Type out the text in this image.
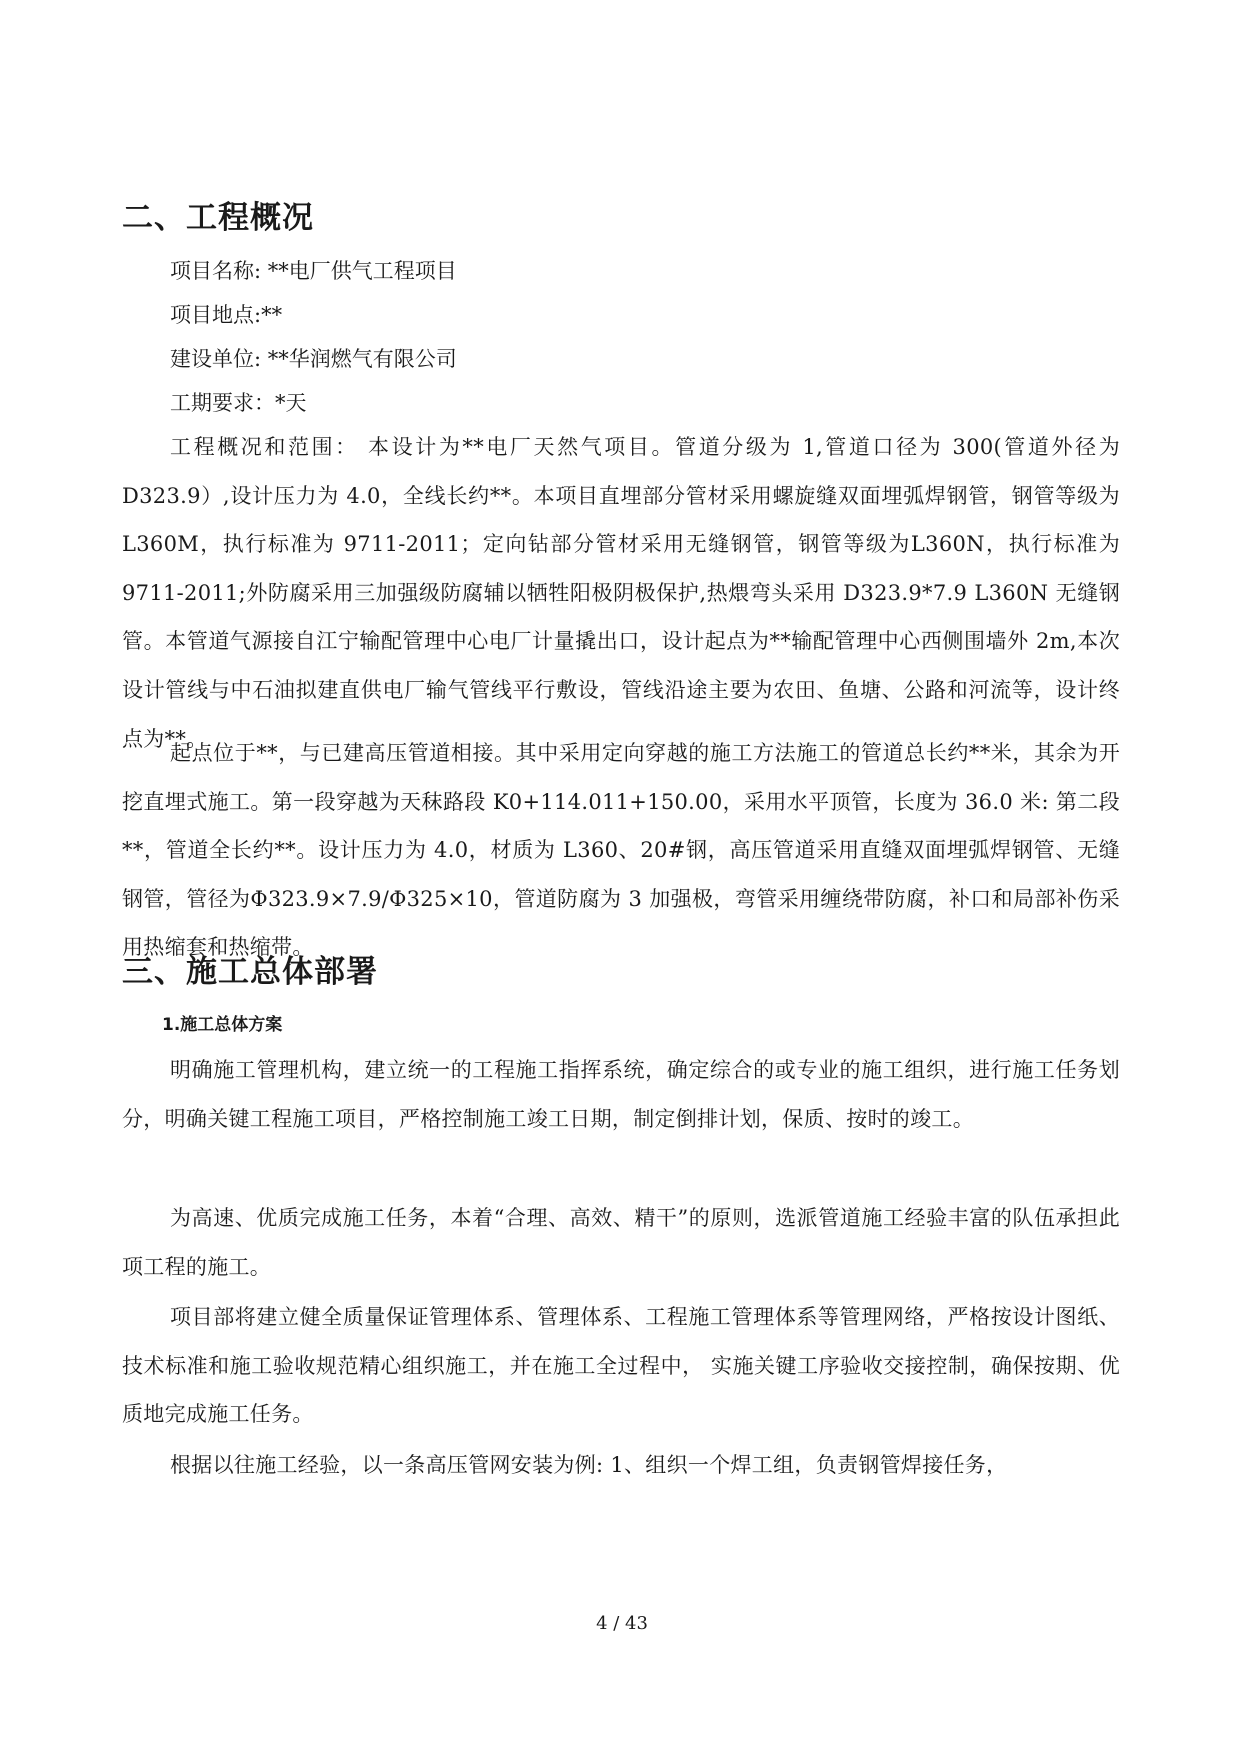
二、工程概况
项目名称: **电厂供气工程项目
项目地点:**
建设单位: **华润燃气有限公司
工期要求：*天

工程概况和范围： 本设计为**电厂天然气项目。管道分级为 1,管道口径为 300(管道外径为 D323.9）,设计压力为 4.0，全线长约**。本项目直埋部分管材采用螺旋缝双面埋弧焊钢管，钢管等级为 L360M，执行标准为 9711-2011；定向钻部分管材采用无缝钢管，钢管等级为L360N，执行标准为 9711-2011;外防腐采用三加强级防腐辅以牺牲阳极阴极保护,热煨弯头采用 D323.9*7.9 L360N 无缝钢管。本管道气源接自江宁输配管理中心电厂计量撬出口，设计起点为**输配管理中心西侧围墙外 2m,本次设计管线与中石油拟建直供电厂输气管线平行敷设，管线沿途主要为农田、鱼塘、公路和河流等，设计终点为**。

起点位于**，与已建高压管道相接。其中采用定向穿越的施工方法施工的管道总长约**米，其余为开挖直埋式施工。第一段穿越为天秣路段 K0+114.011+150.00，采用水平顶管，长度为 36.0 米: 第二段**，管道全长约**。设计压力为 4.0，材质为 L360、20#钢，高压管道采用直缝双面埋弧焊钢管、无缝钢管，管径为Φ323.9×7.9/Φ325×10，管道防腐为 3 加强极，弯管采用缠绕带防腐，补口和局部补伤采用热缩套和热缩带。

三、施工总体部署
1.施工总体方案

明确施工管理机构，建立统一的工程施工指挥系统，确定综合的或专业的施工组织，进行施工任务划分，明确关键工程施工项目，严格控制施工竣工日期，制定倒排计划，保质、按时的竣工。

为高速、优质完成施工任务，本着“合理、高效、精干”的原则，选派管道施工经验丰富的队伍承担此项工程的施工。

项目部将建立健全质量保证管理体系、管理体系、工程施工管理体系等管理网络，严格按设计图纸、技术标准和施工验收规范精心组织施工，并在施工全过程中， 实施关键工序验收交接控制，确保按期、优质地完成施工任务。

根据以往施工经验，以一条高压管网安装为例: 1、组织一个焊工组，负责钢管焊接任务，

4 / 43
